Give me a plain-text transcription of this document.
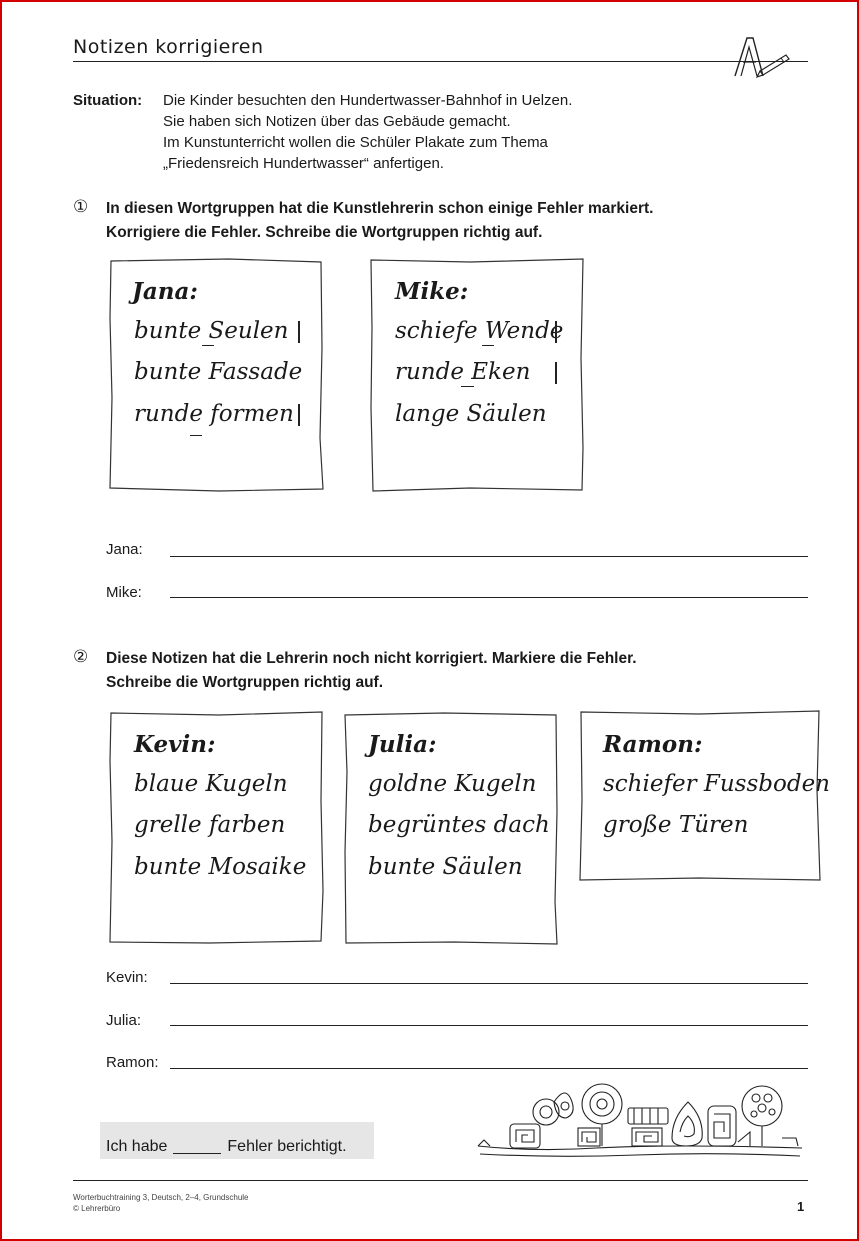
Notizen korrigieren
Situation: Die Kinder besuchten den Hundertwasser-Bahnhof in Uelzen.
Sie haben sich Notizen über das Gebäude gemacht.
Im Kunstunterricht wollen die Schüler Plakate zum Thema
„Friedensreich Hundertwasser“ anfertigen.
① In diesen Wortgruppen hat die Kunstlehrerin schon einige Fehler markiert.
Korrigiere die Fehler. Schreibe die Wortgruppen richtig auf.
Jana:
bunte Seulen
bunte Fassade
runde formen
Mike:
schiefe Wende
runde Eken
lange Säulen
Jana:
Mike:
② Diese Notizen hat die Lehrerin noch nicht korrigiert. Markiere die Fehler.
Schreibe die Wortgruppen richtig auf.
Kevin:
blaue Kugeln
grelle farben
bunte Mosaike
Julia:
goldne Kugeln
begrüntes dach
bunte Säulen
Ramon:
schiefer Fussboden
große Türen
Kevin:
Julia:
Ramon:
Ich habe	Fehler berichtigt.
Worterbuchtraining 3, Deutsch, 2–4, Grundschule
© Lehrerbüro	1
